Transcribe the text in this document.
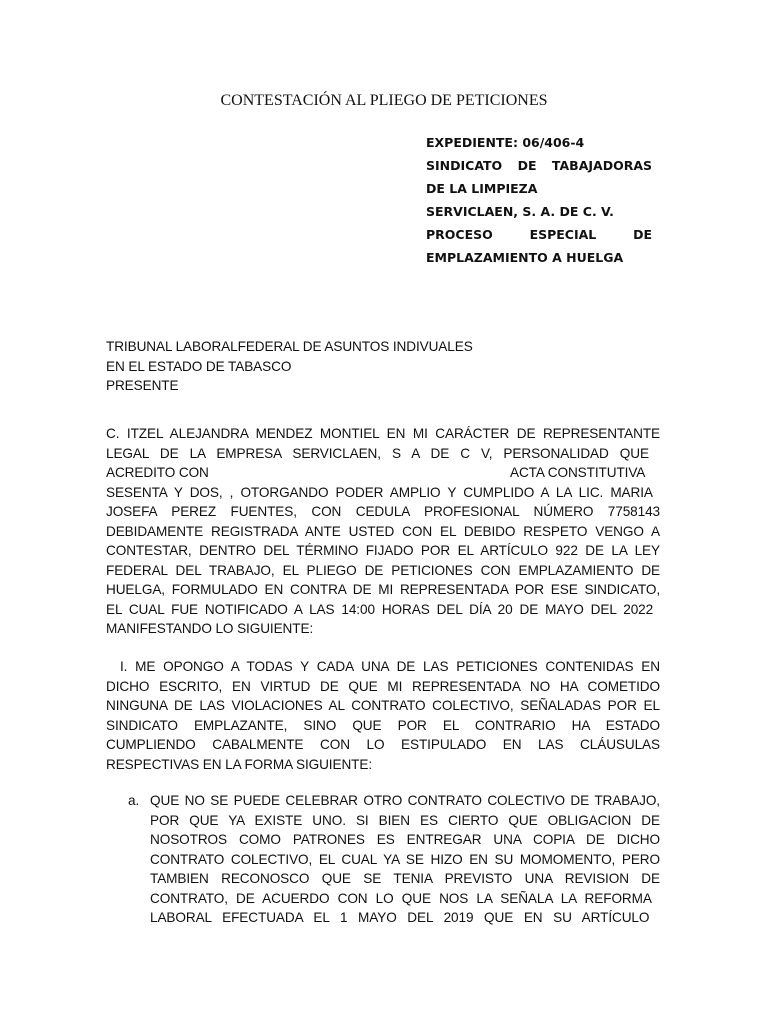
CONTESTACIÓN AL PLIEGO DE PETICIONES
EXPEDIENTE: 06/406-4
SINDICATO DE TABAJADORAS
DE LA LIMPIEZA
SERVICLAEN, S. A. DE C. V.
PROCESO ESPECIAL DE
EMPLAZAMIENTO A HUELGA
TRIBUNAL LABORALFEDERAL DE ASUNTOS INDIVUALES
EN EL ESTADO DE TABASCO
PRESENTE
C. ITZEL ALEJANDRA MENDEZ MONTIEL EN MI CARÁCTER DE REPRESENTANTE
LEGAL DE LA EMPRESA SERVICLAEN, S A DE C V, PERSONALIDAD QUE
ACREDITO CON	ACTA CONSTITUTIVA
SESENTA Y DOS, , OTORGANDO PODER AMPLIO Y CUMPLIDO A LA LIC. MARIA
JOSEFA PEREZ FUENTES, CON CEDULA PROFESIONAL NÚMERO 7758143
DEBIDAMENTE REGISTRADA ANTE USTED CON EL DEBIDO RESPETO VENGO A
CONTESTAR, DENTRO DEL TÉRMINO FIJADO POR EL ARTÍCULO 922 DE LA LEY
FEDERAL DEL TRABAJO, EL PLIEGO DE PETICIONES CON EMPLAZAMIENTO DE
HUELGA, FORMULADO EN CONTRA DE MI REPRESENTADA POR ESE SINDICATO,
EL CUAL FUE NOTIFICADO A LAS 14:00 HORAS DEL DÍA 20 DE MAYO DEL 2022
MANIFESTANDO LO SIGUIENTE:
I. ME OPONGO A TODAS Y CADA UNA DE LAS PETICIONES CONTENIDAS EN
DICHO ESCRITO, EN VIRTUD DE QUE MI REPRESENTADA NO HA COMETIDO
NINGUNA DE LAS VIOLACIONES AL CONTRATO COLECTIVO, SEÑALADAS POR EL
SINDICATO EMPLAZANTE, SINO QUE POR EL CONTRARIO HA ESTADO
CUMPLIENDO CABALMENTE CON LO ESTIPULADO EN LAS CLÁUSULAS
RESPECTIVAS EN LA FORMA SIGUIENTE:
a. QUE NO SE PUEDE CELEBRAR OTRO CONTRATO COLECTIVO DE TRABAJO,
POR QUE YA EXISTE UNO. SI BIEN ES CIERTO QUE OBLIGACION DE
NOSOTROS COMO PATRONES ES ENTREGAR UNA COPIA DE DICHO
CONTRATO COLECTIVO, EL CUAL YA SE HIZO EN SU MOMOMENTO, PERO
TAMBIEN RECONOSCO QUE SE TENIA PREVISTO UNA REVISION DE
CONTRATO, DE ACUERDO CON LO QUE NOS LA SEÑALA LA REFORMA
LABORAL EFECTUADA EL 1 MAYO DEL 2019 QUE EN SU ARTÍCULO
